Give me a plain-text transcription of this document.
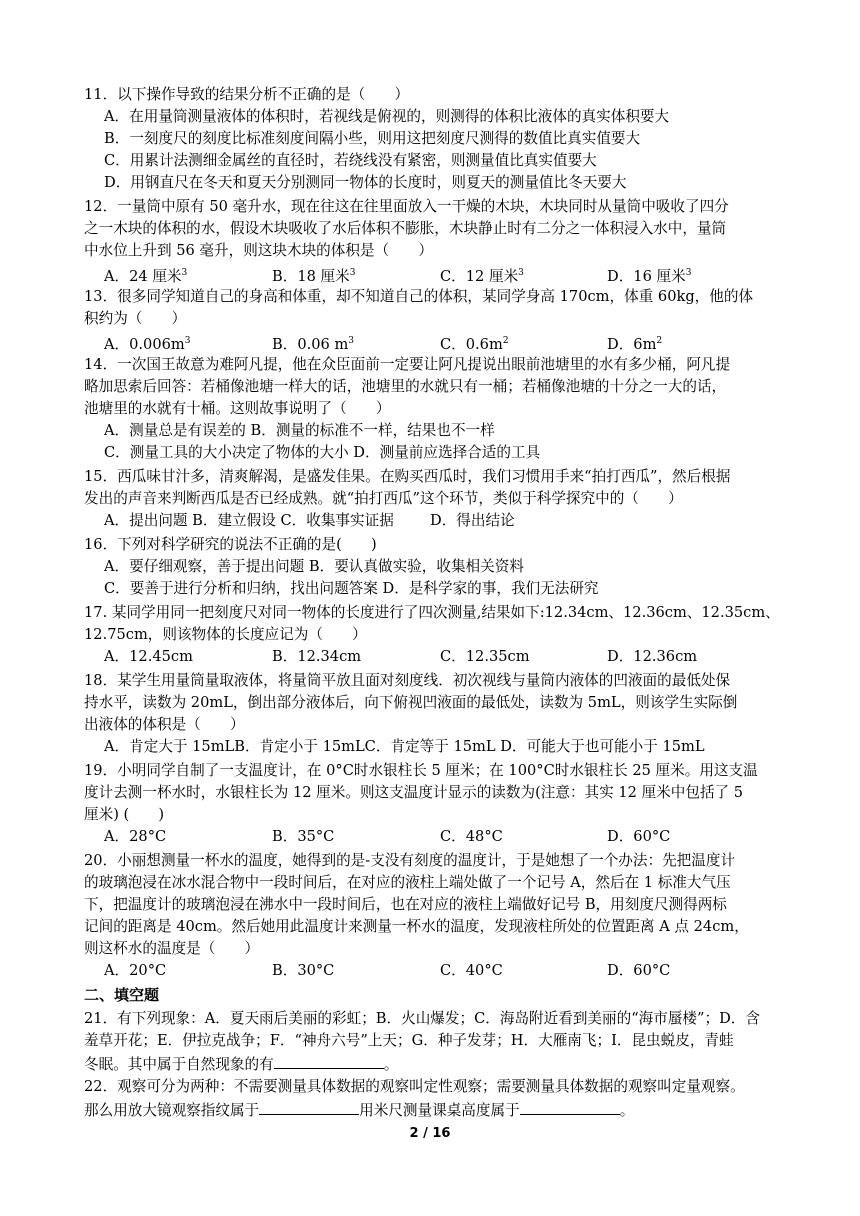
11．以下操作导致的结果分析不正确的是（　　）
A．在用量筒测量液体的体积时，若视线是俯视的，则测得的体积比液体的真实体积要大
B．一刻度尺的刻度比标准刻度间隔小些，则用这把刻度尺测得的数值比真实值要大
C．用累计法测细金属丝的直径时，若绕线没有紧密，则测量值比真实值要大
D．用钢直尺在冬天和夏天分别测同一物体的长度时，则夏天的测量值比冬天要大
12．一量筒中原有 50 毫升水，现在往这在往里面放入一干燥的木块，木块同时从量筒中吸收了四分
之一木块的体积的水，假设木块吸收了水后体积不膨胀，木块静止时有二分之一体积浸入水中，量筒
中水位上升到 56 毫升，则这块木块的体积是（　　）
A．24 厘米$^3$	B．18 厘米$^3$	C．12 厘米$^3$	D．16 厘米$^3$
13．很多同学知道自己的身高和体重，却不知道自己的体积，某同学身高 170cm，体重 60kg，他的体
积约为（　　）
A．$0.006m^3$	B．0.06 $m^3$	C．$0.6m^2$	D．$6m^2$
14．一次国王故意为难阿凡提，他在众臣面前一定要让阿凡提说出眼前池塘里的水有多少桶，阿凡提
略加思索后回答：若桶像池塘一样大的话，池塘里的水就只有一桶；若桶像池塘的十分之一大的话，
池塘里的水就有十桶。这则故事说明了（　　）
A．测量总是有误差的 B．测量的标准不一样，结果也不一样
C．测量工具的大小决定了物体的大小 D．测量前应选择合适的工具
15．西瓜味甘汁多，清爽解渴，是盛发佳果。在购买西瓜时，我们习惯用手来“拍打西瓜”，然后根据
发出的声音来判断西瓜是否已经成熟。就“拍打西瓜”这个环节，类似于科学探究中的（　　）
A．提出问题 B．建立假设 C．收集事实证据 D．得出结论
16．下列对科学研究的说法不正确的是(　　)
A．要仔细观察，善于提出问题 B．要认真做实验，收集相关资料
C．要善于进行分析和归纳，找出问题答案 D．是科学家的事，我们无法研究
17. 某同学用同一把刻度尺对同一物体的长度进行了四次测量,结果如下:12.34cm、12.36cm、12.35cm、
12.75cm，则该物体的长度应记为（　　）
A．12.45cm	B．12.34cm	C．12.35cm	D．12.36cm
18．某学生用量筒量取液体，将量筒平放且面对刻度线．初次视线与量筒内液体的凹液面的最低处保
持水平，读数为 20mL，倒出部分液体后，向下俯视凹液面的最低处，读数为 5mL，则该学生实际倒
出液体的体积是（　　）
A．肯定大于 15mLB．肯定小于 15mLC．肯定等于 15mL D．可能大于也可能小于 15mL
19．小明同学自制了一支温度计，在 0°C时水银柱长 5 厘米；在 100°C时水银柱长 25 厘米。用这支温
度计去测一杯水时，水银柱长为 12 厘米。则这支温度计显示的读数为(注意：其实 12 厘米中包括了 5
厘米) (　　)
A．28°C	B．35°C	C．48°C	D．60°C
20．小丽想测量一杯水的温度，她得到的是-支没有刻度的温度计，于是她想了一个办法：先把温度计
的玻璃泡浸在冰水混合物中一段时间后，在对应的液柱上端处做了一个记号 A，然后在 1 标准大气压
下，把温度计的玻璃泡浸在沸水中一段时间后，也在对应的液柱上端做好记号 B，用刻度尺测得两标
记间的距离是 40cm。然后她用此温度计来测量一杯水的温度，发现液柱所处的位置距离 A 点 24cm，
则这杯水的温度是（　　）
A．20°C	B．30°C	C．40°C	D．60°C
二、填空题
21．有下列现象：A．夏天雨后美丽的彩虹；B．火山爆发；C．海岛附近看到美丽的“海市蜃楼”；D．含
羞草开花；E．伊拉克战争；F．“神舟六号”上天；G．种子发芽；H．大雁南飞；I．昆虫蜕皮，青蛙
冬眠。其中属于自然现象的有	。
22．观察可分为两种：不需要测量具体数据的观察叫定性观察；需要测量具体数据的观察叫定量观察。
那么用放大镜观察指纹属于	用米尺测量课桌高度属于	。
2 / 16
